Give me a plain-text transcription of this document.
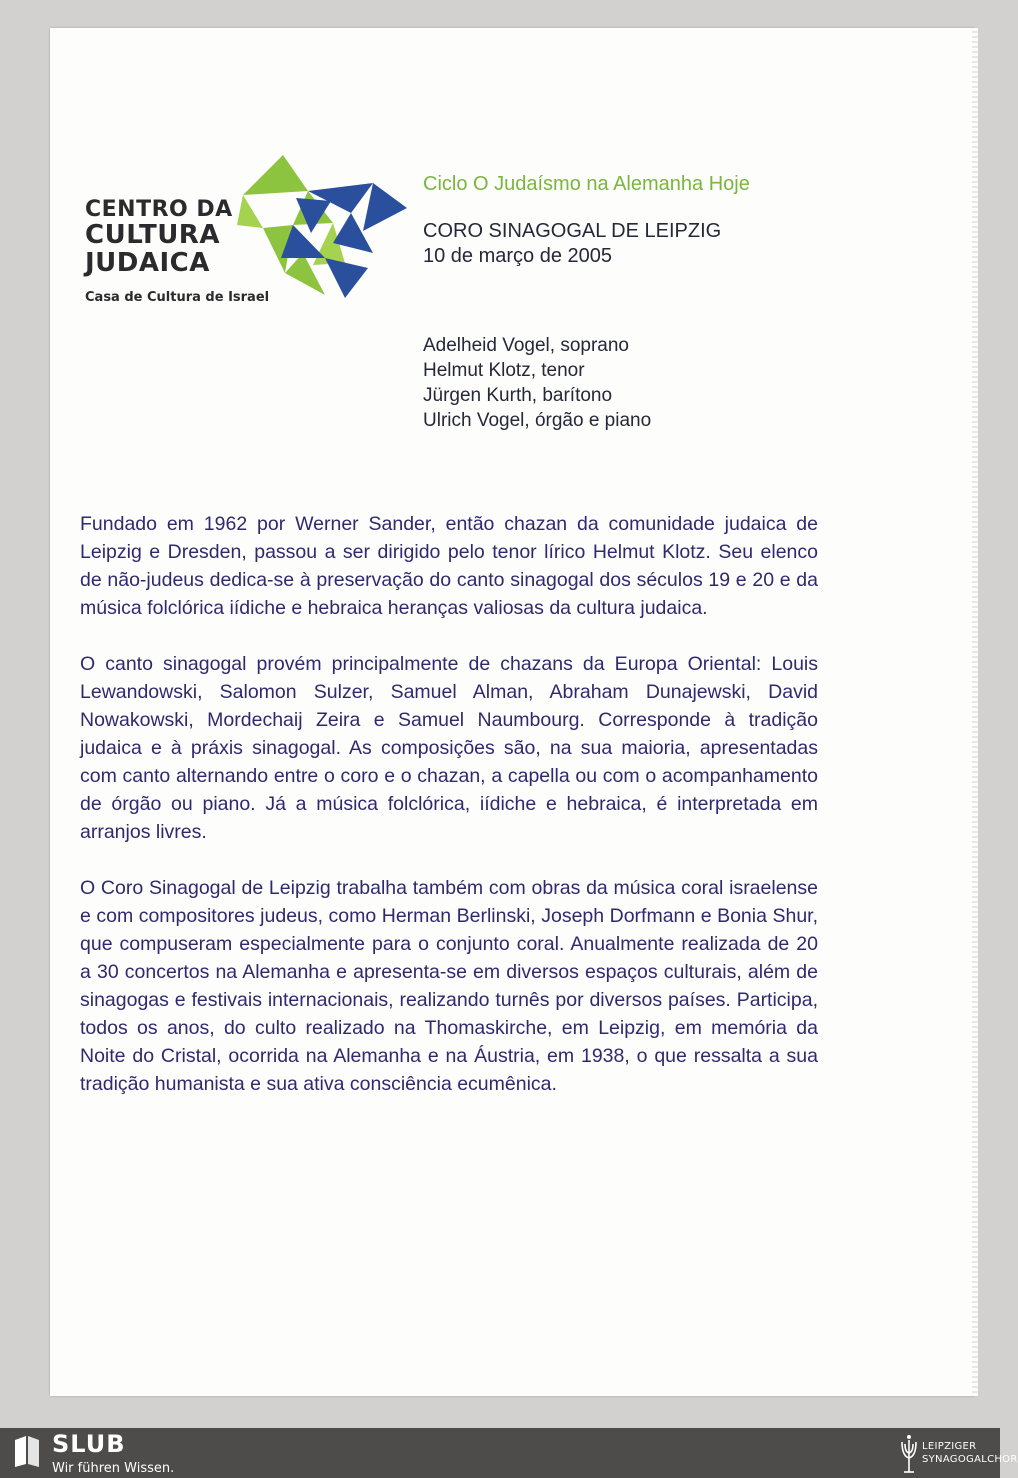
CENTRO DA
CULTURA
JUDAICA
Casa de Cultura de Israel
Ciclo O Judaísmo na Alemanha Hoje
CORO SINAGOGAL DE LEIPZIG
10 de março de 2005
Adelheid Vogel, soprano
Helmut Klotz, tenor
Jürgen Kurth, barítono
Ulrich Vogel, órgão e piano

Fundado em 1962 por Werner Sander, então chazan da comunidade judaica de Leipzig e Dresden, passou a ser dirigido pelo tenor lírico Helmut Klotz. Seu elenco de não-judeus dedica-se à preservação do canto sinagogal dos séculos 19 e 20 e da música folclórica iídiche e hebraica heranças valiosas da cultura judaica.

O canto sinagogal provém principalmente de chazans da Europa Oriental: Louis Lewandowski, Salomon Sulzer, Samuel Alman, Abraham Dunajewski, David Nowakowski, Mordechaij Zeira e Samuel Naumbourg. Corresponde à tradição judaica e à práxis sinagogal. As composições são, na sua maioria, apresentadas com canto alternando entre o coro e o chazan, a capella ou com o acompanhamento de órgão ou piano. Já a música folclórica, iídiche e hebraica, é interpretada em arranjos livres.

O Coro Sinagogal de Leipzig trabalha também com obras da música coral israelense e com compositores judeus, como Herman Berlinski, Joseph Dorfmann e Bonia Shur, que compuseram especialmente para o conjunto coral. Anualmente realizada de 20 a 30 concertos na Alemanha e apresenta-se em diversos espaços culturais, além de sinagogas e festivais internacionais, realizando turnês por diversos países. Participa, todos os anos, do culto realizado na Thomaskirche, em Leipzig, em memória da Noite do Cristal, ocorrida na Alemanha e na Áustria, em 1938, o que ressalta a sua tradição humanista e sua ativa consciência ecumênica.

SLUB
Wir führen Wissen.
LEIPZIGER
SYNAGOGALCHOR
